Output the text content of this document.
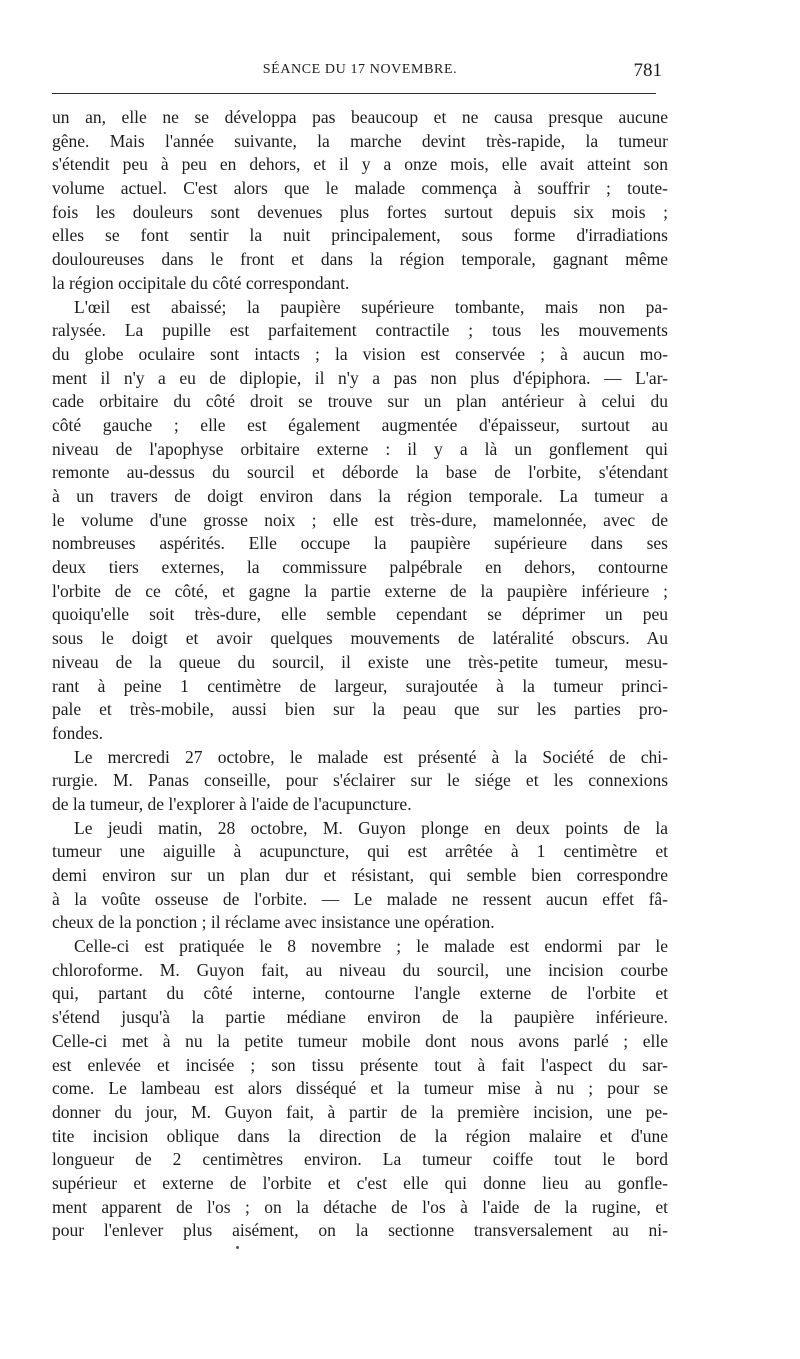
SÉANCE DU 17 NOVEMBRE.	781
un an, elle ne se développa pas beaucoup et ne causa presque aucune
gêne. Mais l'année suivante, la marche devint très-rapide, la tumeur
s'étendit peu à peu en dehors, et il y a onze mois, elle avait atteint son
volume actuel. C'est alors que le malade commença à souffrir ; toute-
fois les douleurs sont devenues plus fortes surtout depuis six mois ;
elles se font sentir la nuit principalement, sous forme d'irradiations
douloureuses dans le front et dans la région temporale, gagnant même
la région occipitale du côté correspondant.
L'œil est abaissé; la paupière supérieure tombante, mais non pa-
ralysée. La pupille est parfaitement contractile ; tous les mouvements
du globe oculaire sont intacts ; la vision est conservée ; à aucun mo-
ment il n'y a eu de diplopie, il n'y a pas non plus d'épiphora. — L'ar-
cade orbitaire du côté droit se trouve sur un plan antérieur à celui du
côté gauche ; elle est également augmentée d'épaisseur, surtout au
niveau de l'apophyse orbitaire externe : il y a là un gonflement qui
remonte au-dessus du sourcil et déborde la base de l'orbite, s'étendant
à un travers de doigt environ dans la région temporale. La tumeur a
le volume d'une grosse noix ; elle est très-dure, mamelonnée, avec de
nombreuses aspérités. Elle occupe la paupière supérieure dans ses
deux tiers externes, la commissure palpébrale en dehors, contourne
l'orbite de ce côté, et gagne la partie externe de la paupière inférieure ;
quoiqu'elle soit très-dure, elle semble cependant se déprimer un peu
sous le doigt et avoir quelques mouvements de latéralité obscurs. Au
niveau de la queue du sourcil, il existe une très-petite tumeur, mesu-
rant à peine 1 centimètre de largeur, surajoutée à la tumeur princi-
pale et très-mobile, aussi bien sur la peau que sur les parties pro-
fondes.
Le mercredi 27 octobre, le malade est présenté à la Société de chi-
rurgie. M. Panas conseille, pour s'éclairer sur le siége et les connexions
de la tumeur, de l'explorer à l'aide de l'acupuncture.
Le jeudi matin, 28 octobre, M. Guyon plonge en deux points de la
tumeur une aiguille à acupuncture, qui est arrêtée à 1 centimètre et
demi environ sur un plan dur et résistant, qui semble bien correspondre
à la voûte osseuse de l'orbite. — Le malade ne ressent aucun effet fâ-
cheux de la ponction ; il réclame avec insistance une opération.
Celle-ci est pratiquée le 8 novembre ; le malade est endormi par le
chloroforme. M. Guyon fait, au niveau du sourcil, une incision courbe
qui, partant du côté interne, contourne l'angle externe de l'orbite et
s'étend jusqu'à la partie médiane environ de la paupière inférieure.
Celle-ci met à nu la petite tumeur mobile dont nous avons parlé ; elle
est enlevée et incisée ; son tissu présente tout à fait l'aspect du sar-
come. Le lambeau est alors disséqué et la tumeur mise à nu ; pour se
donner du jour, M. Guyon fait, à partir de la première incision, une pe-
tite incision oblique dans la direction de la région malaire et d'une
longueur de 2 centimètres environ. La tumeur coiffe tout le bord
supérieur et externe de l'orbite et c'est elle qui donne lieu au gonfle-
ment apparent de l'os ; on la détache de l'os à l'aide de la rugine, et
pour l'enlever plus aisément, on la sectionne transversalement au ni-
